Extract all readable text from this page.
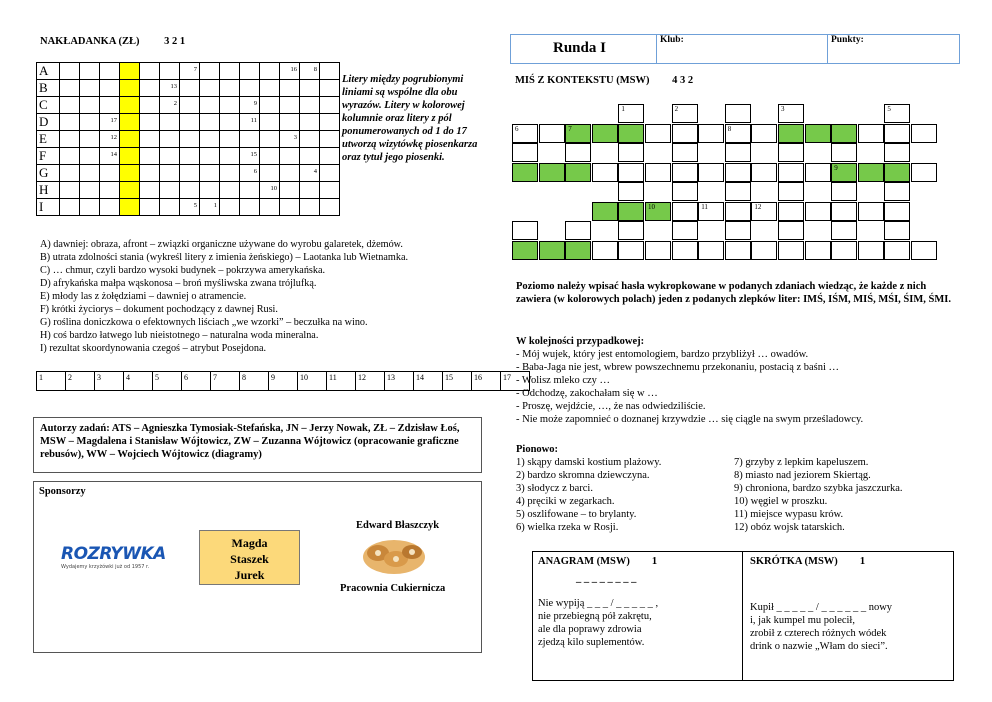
NAKŁADANKA (ZŁ) 3 2 1
A							7					16	8	

B						13								

C						2				9				

D			17							11				

E			12									3		

F			14							15				

G										6			4	

H											10			

I							5	1						

Litery między pogrubionymi liniami są wspólne dla obu wyrazów. Litery w kolorowej kolumnie oraz litery z pól ponumerowanych od 1 do 17 utworzą wizytówkę piosenkarza oraz tytuł jego piosenki.
A) dawniej: obraza, afront – związki organiczne używane do wyrobu galaretek, dżemów.
B) utrata zdolności stania (wykreśl litery z imienia żeńskiego) – Laotanka lub Wietnamka.
C) … chmur, czyli bardzo wysoki budynek – pokrzywa amerykańska.
D) afrykańska małpa wąskonosa – broń myśliwska zwana trójlufką.
E) młody las z żołędziami – dawniej o atramencie.
F) krótki życiorys – dokument pochodzący z dawnej Rusi.
G) roślina doniczkowa o efektownych liściach „we wzorki” – beczułka na wino.
H) coś bardzo łatwego lub nieistotnego – naturalna woda mineralna.
I) rezultat skoordynowania czegoś – atrybut Posejdona.
1	2	3	4	5	6	7	8	9	10	11	12	13	14	15	16	17
Autorzy zadań: ATS – Agnieszka Tymosiak-Stefańska, JN – Jerzy Nowak, ZŁ – Zdzisław Łoś, MSW – Magdalena i Stanisław Wójtowicz, ZW – Zuzanna Wójtowicz (opracowanie graficzne rebusów), WW – Wojciech Wójtowicz (diagramy)
Sponsorzy
ROZRYWKA
Wydajemy krzyżówki już od 1957 r.
Magda
Staszek
Jurek
Edward Błaszczyk
Pracownia Cukiernicza
Runda I	Klub:	Punkty:
MIŚ Z KONTEKSTU (MSW) 4 3 2
1	2	3	5
6	7	8
9
10	11	12
Poziomo należy wpisać hasła wykropkowane w podanych zdaniach wiedząc, że każde z nich zawiera (w kolorowych polach) jeden z podanych zlepków liter: IMŚ, IŚM, MIŚ, MŚI, ŚIM, ŚMI.
W kolejności przypadkowej:
- Mój wujek, który jest entomologiem, bardzo przybliżył … owadów.
- Baba-Jaga nie jest, wbrew powszechnemu przekonaniu, postacią z baśni …
- Wolisz mleko czy …
- Odchodzę, zakochałam się w …
- Proszę, wejdźcie, …, że nas odwiedziliście.
- Nie może zapomnieć o doznanej krzywdzie … się ciągle na swym prześladowcy.
Pionowo:
1) skąpy damski kostium plażowy.
2) bardzo skromna dziewczyna.
3) słodycz z barci.
4) pręciki w zegarkach.
5) oszlifowane – to brylanty.
6) wielka rzeka w Rosji.
7) grzyby z lepkim kapeluszem.
8) miasto nad jeziorem Skiertąg.
9) chroniona, bardzo szybka jaszczurka.
10) węgiel w proszku.
11) miejsce wypasu krów.
12) obóz wojsk tatarskich.
ANAGRAM (MSW) 1
_ _ _ _ _ _ _ _
Nie wypiją _ _ _ / _ _ _ _ _ ,
nie przebiegną pół zakrętu,
ale dla poprawy zdrowia
zjedzą kilo suplementów.
SKRÓTKA (MSW) 1
Kupił _ _ _ _ _ / _ _ _ _ _ _ nowy
i, jak kumpel mu polecił,
zrobił z czterech różnych wódek
drink o nazwie „Włam do sieci”.
